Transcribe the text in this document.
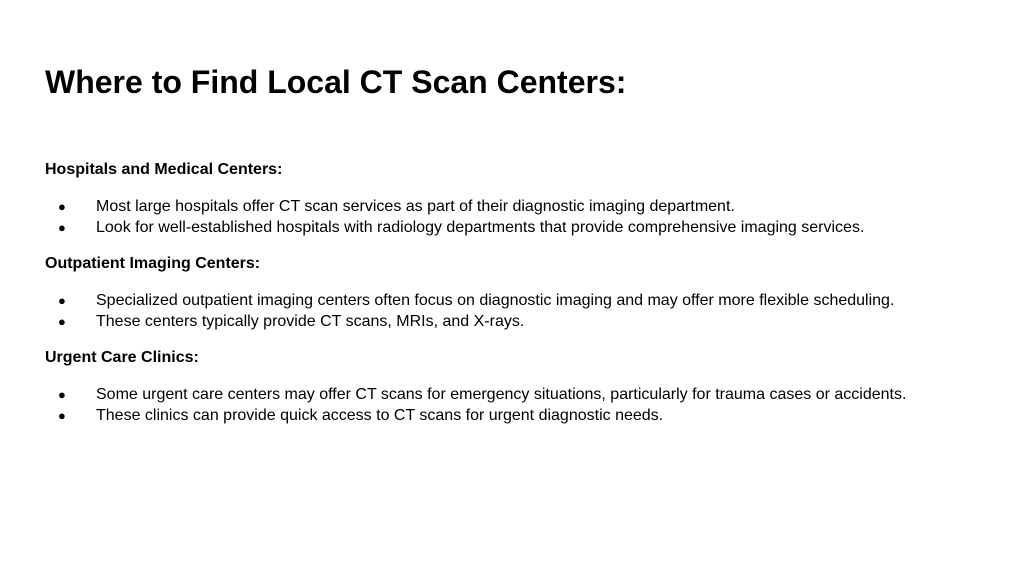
Where to Find Local CT Scan Centers:

Hospitals and Medical Centers:

● Most large hospitals offer CT scan services as part of their diagnostic imaging department.
● Look for well-established hospitals with radiology departments that provide comprehensive imaging services.

Outpatient Imaging Centers:

● Specialized outpatient imaging centers often focus on diagnostic imaging and may offer more flexible scheduling.
● These centers typically provide CT scans, MRIs, and X-rays.

Urgent Care Clinics:

● Some urgent care centers may offer CT scans for emergency situations, particularly for trauma cases or accidents.
● These clinics can provide quick access to CT scans for urgent diagnostic needs.
